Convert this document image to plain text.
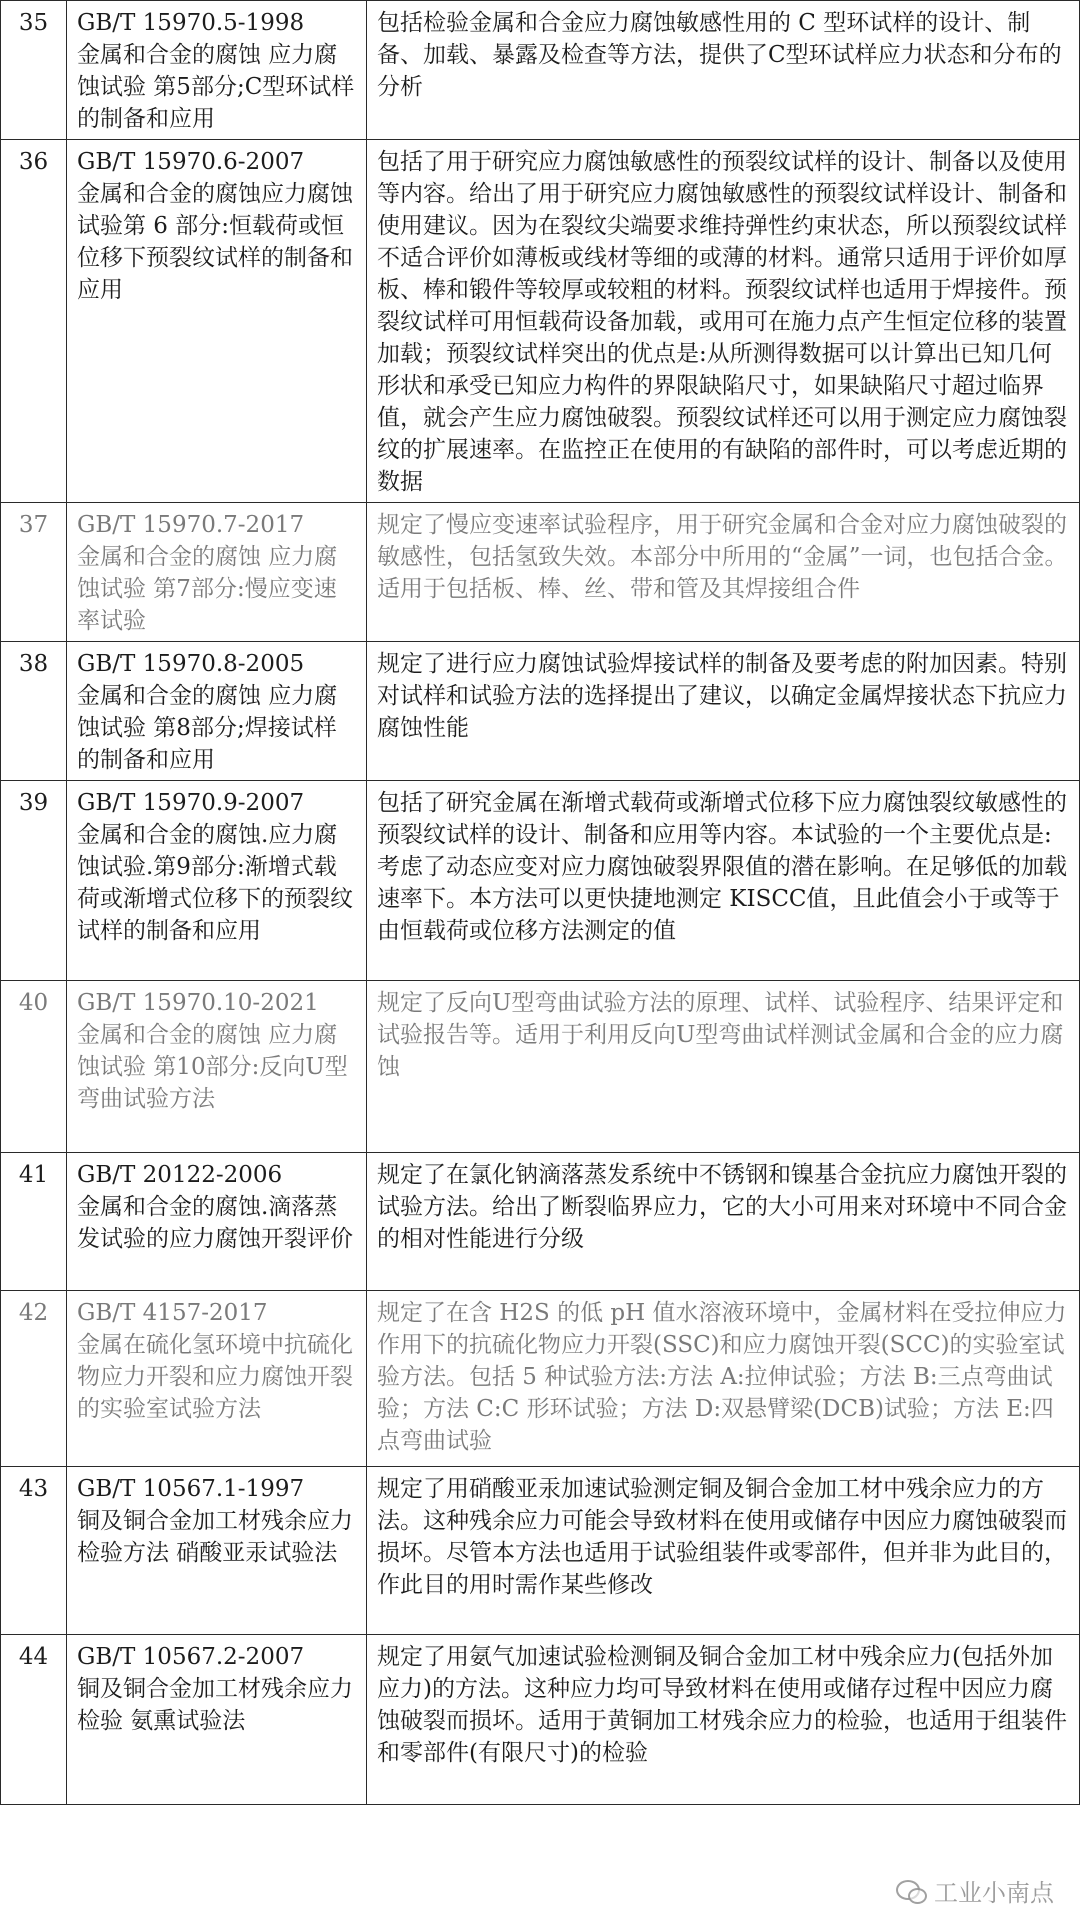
35	GB/T 15970.5-1998
金属和合金的腐蚀 应力腐蚀试验 第5部分;C型环试样的制备和应用	包括检验金属和合金应力腐蚀敏感性用的 C 型环试样的设计、制备、加载、暴露及检查等方法，提供了C型环试样应力状态和分布的分析
36	GB/T 15970.6-2007
金属和合金的腐蚀应力腐蚀试验第 6 部分:恒载荷或恒位移下预裂纹试样的制备和应用	包括了用于研究应力腐蚀敏感性的预裂纹试样的设计、制备以及使用等内容。给出了用于研究应力腐蚀敏感性的预裂纹试样设计、制备和使用建议。因为在裂纹尖端要求维持弹性约束状态，所以预裂纹试样不适合评价如薄板或线材等细的或薄的材料。通常只适用于评价如厚板、棒和锻件等较厚或较粗的材料。预裂纹试样也适用于焊接件。预裂纹试样可用恒载荷设备加载，或用可在施力点产生恒定位移的装置加载；预裂纹试样突出的优点是:从所测得数据可以计算出已知几何形状和承受已知应力构件的界限缺陷尺寸，如果缺陷尺寸超过临界值，就会产生应力腐蚀破裂。预裂纹试样还可以用于测定应力腐蚀裂纹的扩展速率。在监控正在使用的有缺陷的部件时，可以考虑近期的数据
37	GB/T 15970.7-2017
金属和合金的腐蚀 应力腐蚀试验 第7部分:慢应变速率试验	规定了慢应变速率试验程序，用于研究金属和合金对应力腐蚀破裂的敏感性，包括氢致失效。本部分中所用的“金属”一词，也包括合金。适用于包括板、棒、丝、带和管及其焊接组合件
38	GB/T 15970.8-2005
金属和合金的腐蚀 应力腐蚀试验 第8部分;焊接试样的制备和应用	规定了进行应力腐蚀试验焊接试样的制备及要考虑的附加因素。特别对试样和试验方法的选择提出了建议，以确定金属焊接状态下抗应力腐蚀性能
39	GB/T 15970.9-2007
金属和合金的腐蚀.应力腐蚀试验.第9部分:渐增式载荷或渐增式位移下的预裂纹试样的制备和应用	包括了研究金属在渐增式载荷或渐增式位移下应力腐蚀裂纹敏感性的预裂纹试样的设计、制备和应用等内容。本试验的一个主要优点是:考虑了动态应变对应力腐蚀破裂界限值的潜在影响。在足够低的加载速率下。本方法可以更快捷地测定 KISCC值，且此值会小于或等于由恒载荷或位移方法测定的值
40	GB/T 15970.10-2021
金属和合金的腐蚀 应力腐蚀试验 第10部分:反向U型弯曲试验方法	规定了反向U型弯曲试验方法的原理、试样、试验程序、结果评定和试验报告等。适用于利用反向U型弯曲试样测试金属和合金的应力腐蚀
41	GB/T 20122-2006
金属和合金的腐蚀.滴落蒸发试验的应力腐蚀开裂评价	规定了在氯化钠滴落蒸发系统中不锈钢和镍基合金抗应力腐蚀开裂的试验方法。给出了断裂临界应力，它的大小可用来对环境中不同合金的相对性能进行分级
42	GB/T 4157-2017
金属在硫化氢环境中抗硫化物应力开裂和应力腐蚀开裂的实验室试验方法	规定了在含 H2S 的低 pH 值水溶液环境中，金属材料在受拉伸应力作用下的抗硫化物应力开裂(SSC)和应力腐蚀开裂(SCC)的实验室试验方法。包括 5 种试验方法:方法 A:拉伸试验；方法 B:三点弯曲试验；方法 C:C 形环试验；方法 D:双悬臂梁(DCB)试验；方法 E:四点弯曲试验
43	GB/T 10567.1-1997
铜及铜合金加工材残余应力检验方法 硝酸亚汞试验法	规定了用硝酸亚汞加速试验测定铜及铜合金加工材中残余应力的方法。这种残余应力可能会导致材料在使用或储存中因应力腐蚀破裂而损坏。尽管本方法也适用于试验组装件或零部件，但并非为此目的，作此目的用时需作某些修改
44	GB/T 10567.2-2007
铜及铜合金加工材残余应力检验 氨熏试验法	规定了用氨气加速试验检测铜及铜合金加工材中残余应力(包括外加应力)的方法。这种应力均可导致材料在使用或储存过程中因应力腐蚀破裂而损坏。适用于黄铜加工材残余应力的检验，也适用于组装件和零部件(有限尺寸)的检验
工业小南点
